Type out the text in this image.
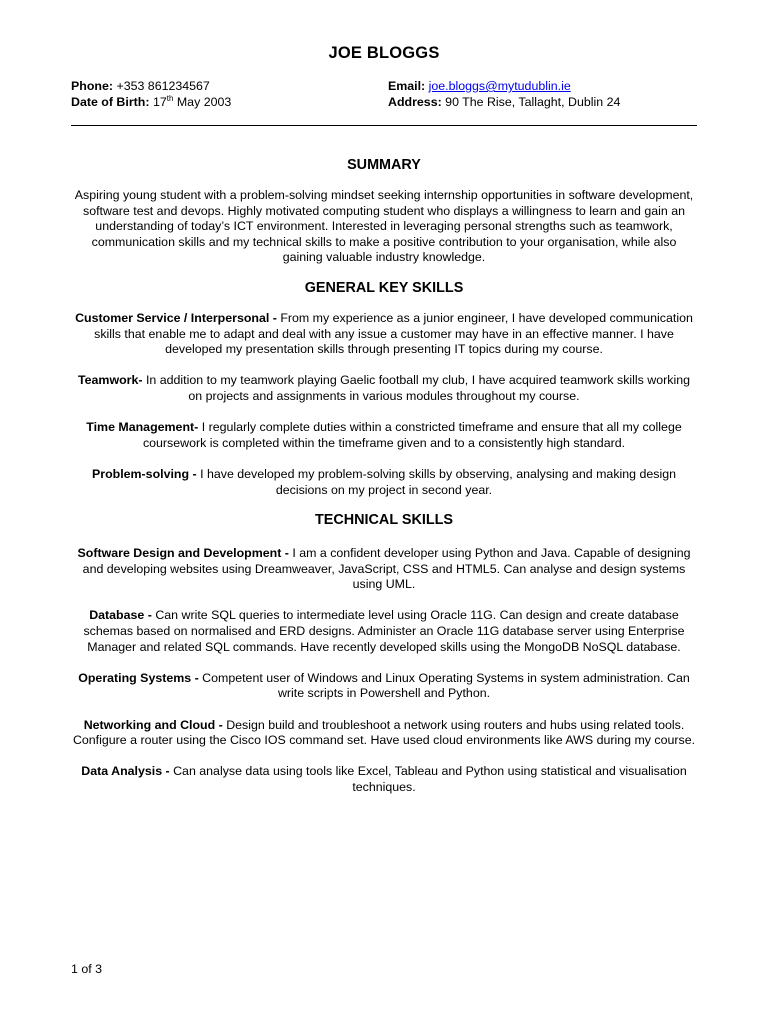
JOE BLOGGS
Phone: +353 861234567
Date of Birth: 17th May 2003
Email: joe.bloggs@mytudublin.ie
Address: 90 The Rise, Tallaght, Dublin 24
SUMMARY

Aspiring young student with a problem-solving mindset seeking internship opportunities in software development, software test and devops. Highly motivated computing student who displays a willingness to learn and gain an understanding of today’s ICT environment. Interested in leveraging personal strengths such as teamwork, communication skills and my technical skills to make a positive contribution to your organisation, while also gaining valuable industry knowledge.

GENERAL KEY SKILLS

Customer Service / Interpersonal - From my experience as a junior engineer, I have developed communication skills that enable me to adapt and deal with any issue a customer may have in an effective manner. I have developed my presentation skills through presenting IT topics during my course.

Teamwork- In addition to my teamwork playing Gaelic football my club, I have acquired teamwork skills working on projects and assignments in various modules throughout my course.

Time Management- I regularly complete duties within a constricted timeframe and ensure that all my college coursework is completed within the timeframe given and to a consistently high standard.

Problem-solving - I have developed my problem-solving skills by observing, analysing and making design decisions on my project in second year.

TECHNICAL SKILLS

Software Design and Development - I am a confident developer using Python and Java. Capable of designing and developing websites using Dreamweaver, JavaScript, CSS and HTML5. Can analyse and design systems using UML.

Database - Can write SQL queries to intermediate level using Oracle 11G. Can design and create database schemas based on normalised and ERD designs. Administer an Oracle 11G database server using Enterprise Manager and related SQL commands. Have recently developed skills using the MongoDB NoSQL database.

Operating Systems - Competent user of Windows and Linux Operating Systems in system administration. Can write scripts in Powershell and Python.

Networking and Cloud - Design build and troubleshoot a network using routers and hubs using related tools. Configure a router using the Cisco IOS command set. Have used cloud environments like AWS during my course.

Data Analysis - Can analyse data using tools like Excel, Tableau and Python using statistical and visualisation techniques.

1 of 3
